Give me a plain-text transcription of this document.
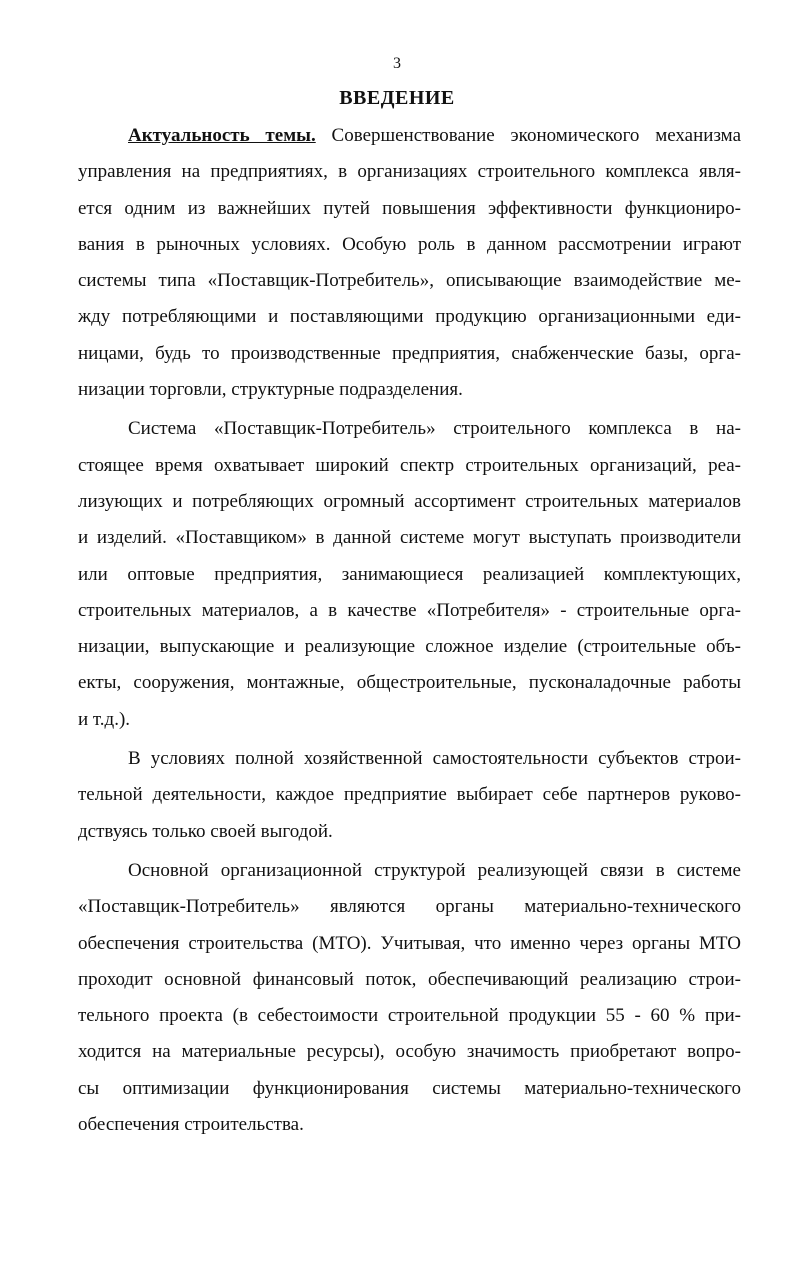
3
ВВЕДЕНИЕ
Актуальность темы. Совершенствование экономического механизма
управления на предприятиях, в организациях строительного комплекса явля-
ется одним из важнейших путей повышения эффективности функциониро-
вания в рыночных условиях. Особую роль в данном рассмотрении играют
системы типа «Поставщик-Потребитель», описывающие взаимодействие ме-
жду потребляющими и поставляющими продукцию организационными еди-
ницами, будь то производственные предприятия, снабженческие базы, орга-
низации торговли, структурные подразделения.
Система «Поставщик-Потребитель» строительного комплекса в на-
стоящее время охватывает широкий спектр строительных организаций, реа-
лизующих и потребляющих огромный ассортимент строительных материалов
и изделий. «Поставщиком» в данной системе могут выступать производители
или оптовые предприятия, занимающиеся реализацией комплектующих,
строительных материалов, а в качестве «Потребителя» - строительные орга-
низации, выпускающие и реализующие сложное изделие (строительные объ-
екты, сооружения, монтажные, общестроительные, пусконаладочные работы
и т.д.).
В условиях полной хозяйственной самостоятельности субъектов строи-
тельной деятельности, каждое предприятие выбирает себе партнеров руково-
дствуясь только своей выгодой.
Основной организационной структурой реализующей связи в системе
«Поставщик-Потребитель» являются органы материально-технического
обеспечения строительства (МТО). Учитывая, что именно через органы МТО
проходит основной финансовый поток, обеспечивающий реализацию строи-
тельного проекта (в себестоимости строительной продукции 55 - 60 % при-
ходится на материальные ресурсы), особую значимость приобретают вопро-
сы оптимизации функционирования системы материально-технического
обеспечения строительства.
